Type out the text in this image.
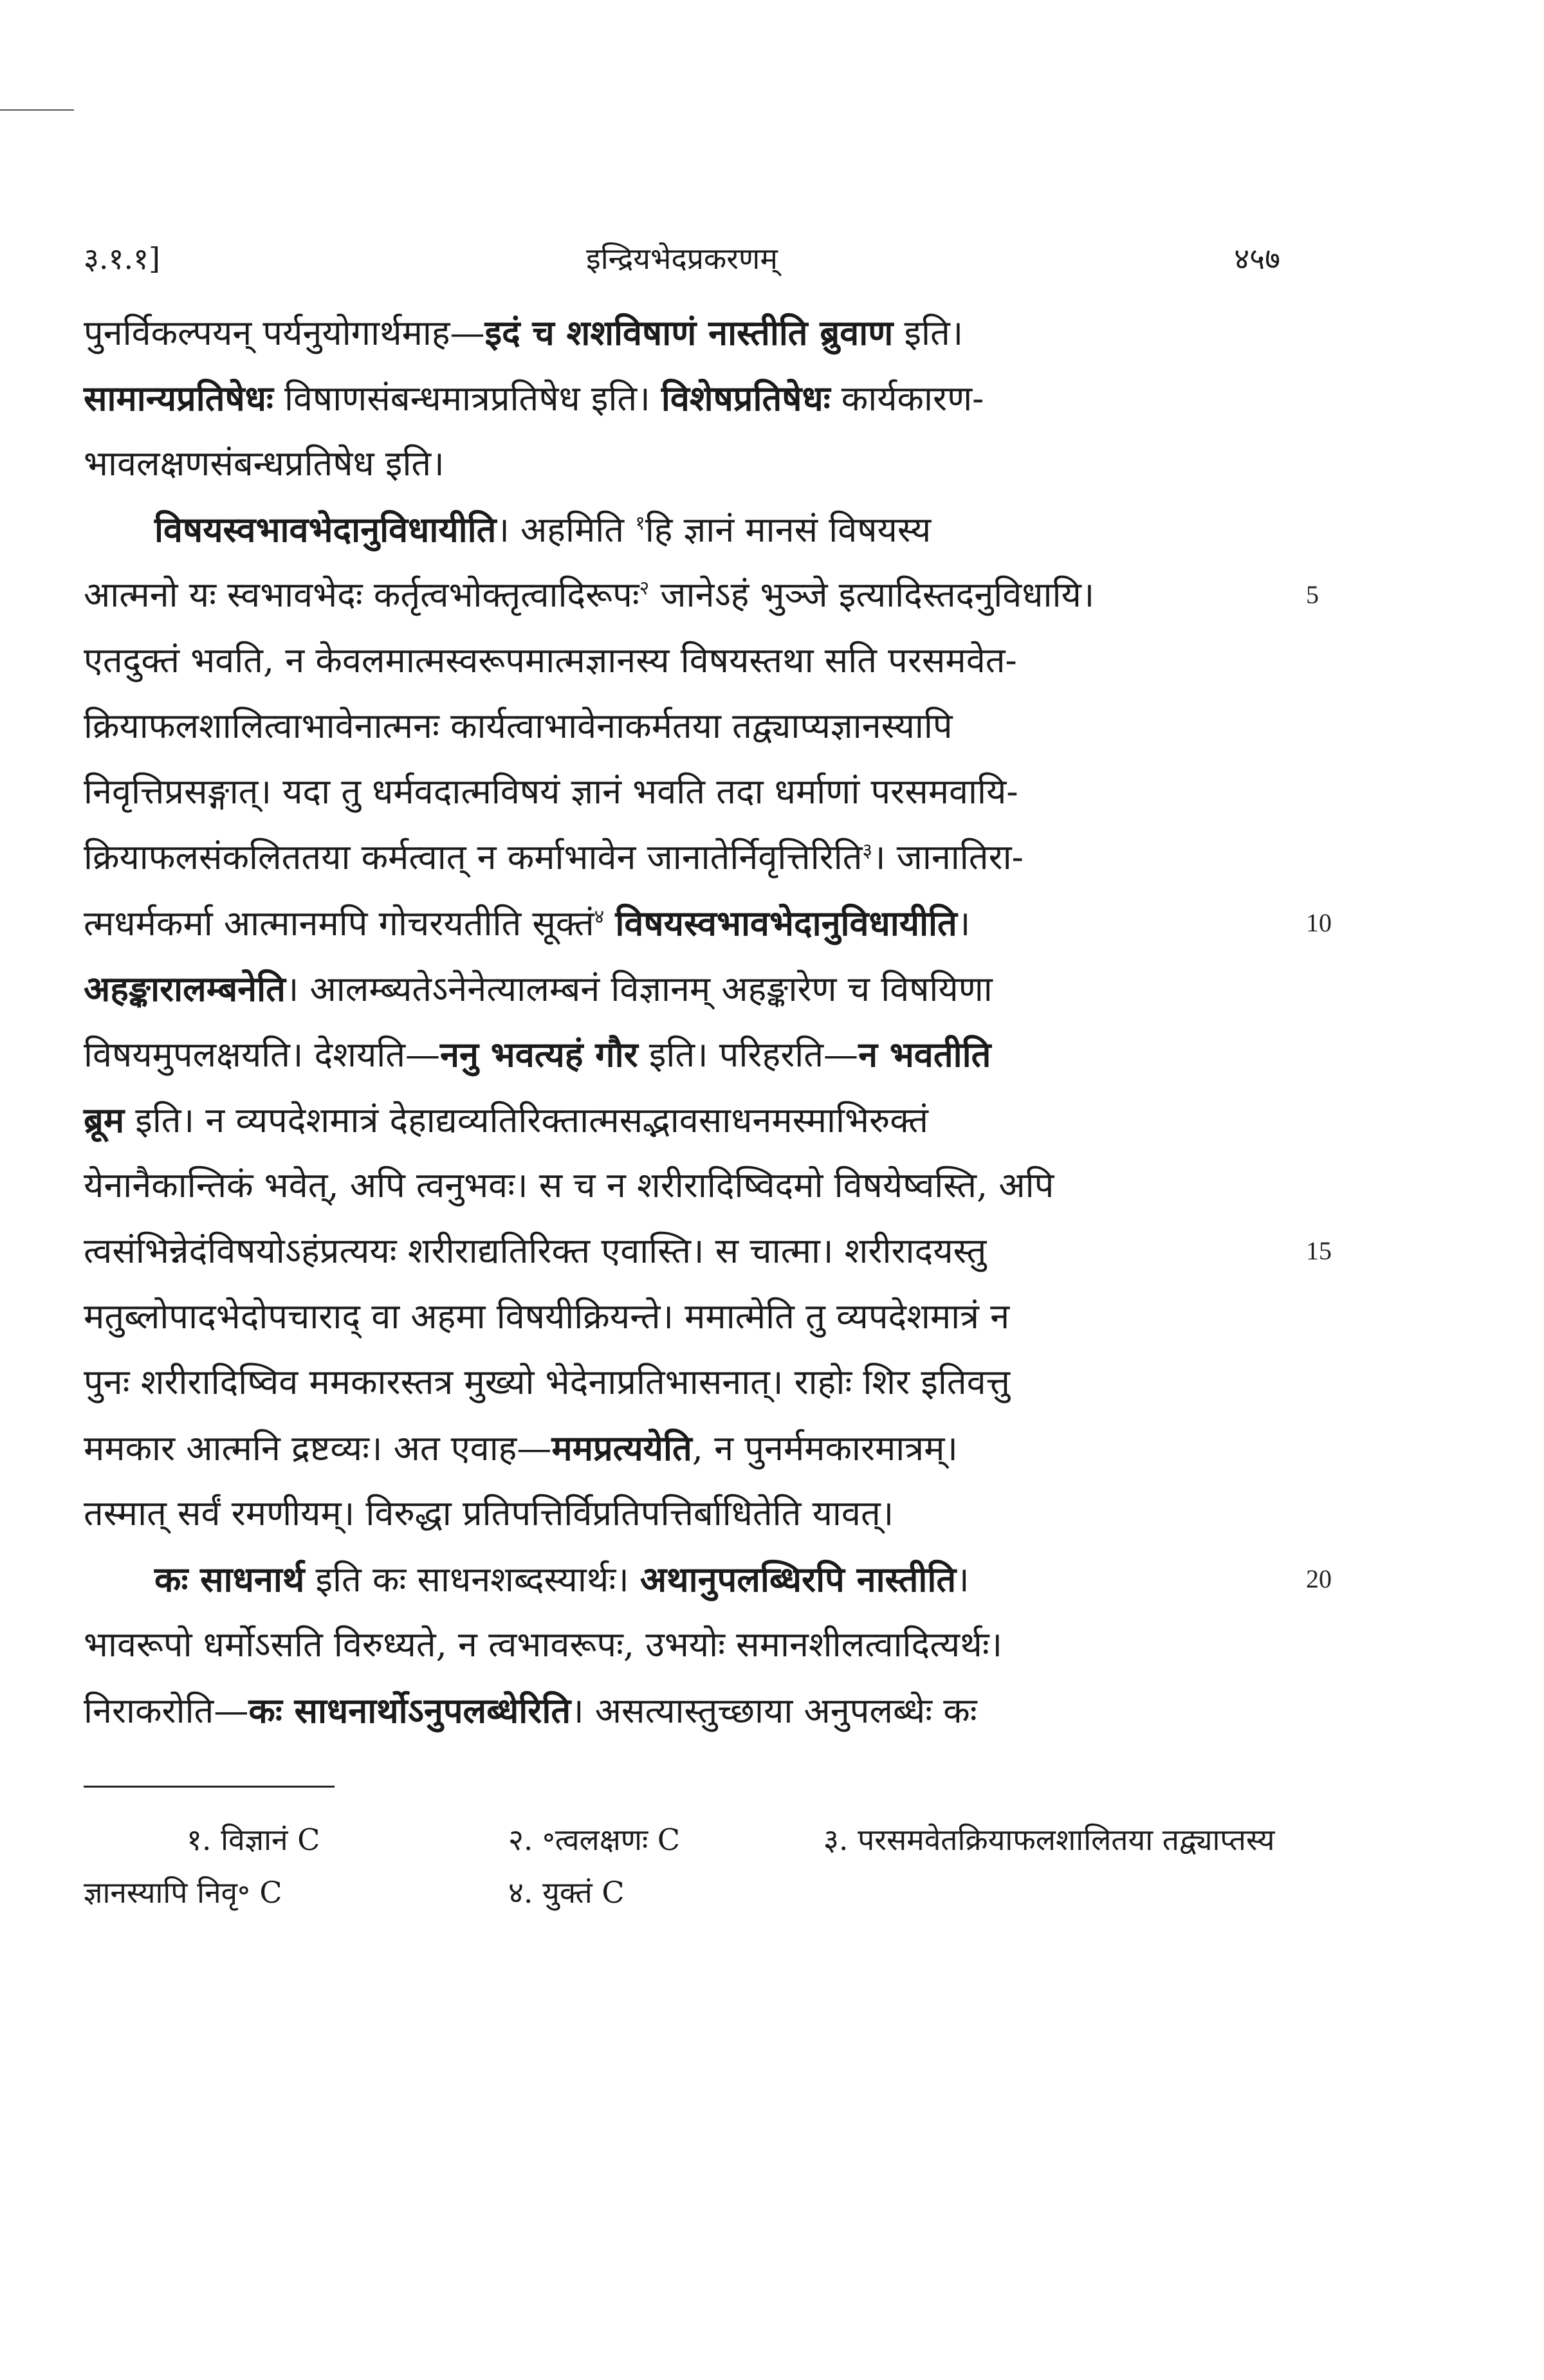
३.१.१]	इन्द्रियभेदप्रकरणम्	४५७
पुनर्विकल्पयन् पर्यनुयोगार्थमाह—इदं च शशविषाणं नास्तीति ब्रुवाण इति।
सामान्यप्रतिषेधः विषाणसंबन्धमात्रप्रतिषेध इति। विशेषप्रतिषेधः कार्यकारण-
भावलक्षणसंबन्धप्रतिषेध इति।
विषयस्वभावभेदानुविधायीति। अहमिति $^१$हि ज्ञानं मानसं विषयस्य
आत्मनो यः स्वभावभेदः कर्तृत्वभोक्तृत्वादिरूपः$^२$ जानेऽहं भुञ्जे इत्यादिस्तदनुविधायि।	5
एतदुक्तं भवति, न केवलमात्मस्वरूपमात्मज्ञानस्य विषयस्तथा सति परसमवेत-
क्रियाफलशालित्वाभावेनात्मनः कार्यत्वाभावेनाकर्मतया तद्व्याप्यज्ञानस्यापि
निवृत्तिप्रसङ्गात्। यदा तु धर्मवदात्मविषयं ज्ञानं भवति तदा धर्माणां परसमवायि-
क्रियाफलसंकलिततया कर्मत्वात् न कर्माभावेन जानातेर्निवृत्तिरिति$^३$। जानातिरा-
त्मधर्मकर्मा आत्मानमपि गोचरयतीति सूक्तं$^४$ विषयस्वभावभेदानुविधायीति।	10
अहङ्कारालम्बनेति। आलम्ब्यतेऽनेनेत्यालम्बनं विज्ञानम् अहङ्कारेण च विषयिणा
विषयमुपलक्षयति। देशयति—ननु भवत्यहं गौर इति। परिहरति—न भवतीति
ब्रूम इति। न व्यपदेशमात्रं देहाद्यव्यतिरिक्तात्मसद्भावसाधनमस्माभिरुक्तं
येनानैकान्तिकं भवेत्, अपि त्वनुभवः। स च न शरीरादिष्विदमो विषयेष्वस्ति, अपि
त्वसंभिन्नेदंविषयोऽहंप्रत्ययः शरीराद्यतिरिक्त एवास्ति। स चात्मा। शरीरादयस्तु	15
मतुब्लोपादभेदोपचाराद् वा अहमा विषयीक्रियन्ते। ममात्मेति तु व्यपदेशमात्रं न
पुनः शरीरादिष्विव ममकारस्तत्र मुख्यो भेदेनाप्रतिभासनात्। राहोः शिर इतिवत्तु
ममकार आत्मनि द्रष्टव्यः। अत एवाह—ममप्रत्ययेति, न पुनर्ममकारमात्रम्।
तस्मात् सर्वं रमणीयम्। विरुद्धा प्रतिपत्तिर्विप्रतिपत्तिर्बाधितेति यावत्।
कः साधनार्थ इति कः साधनशब्दस्यार्थः। अथानुपलब्धिरपि नास्तीति।	20
भावरूपो धर्मोऽसति विरुध्यते, न त्वभावरूपः, उभयोः समानशीलत्वादित्यर्थः।
निराकरोति—कः साधनार्थोऽनुपलब्धेरिति। असत्यास्तुच्छाया अनुपलब्धेः कः
१. विज्ञानं C	२. ॰त्वलक्षणः C	३. परसमवेतक्रियाफलशालितया तद्व्याप्तस्य
ज्ञानस्यापि निवृ॰ C	४. युक्तं C
